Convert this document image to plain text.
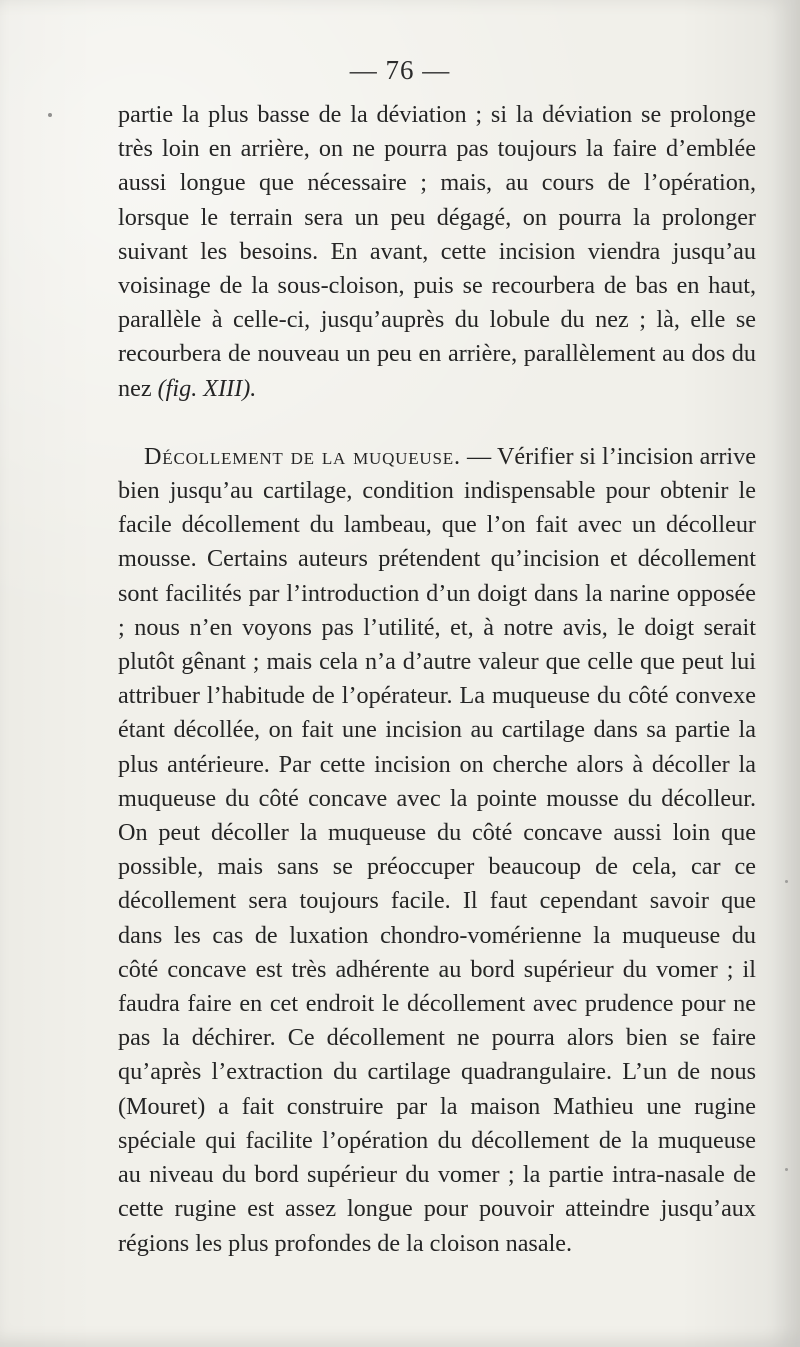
— 76 —

partie la plus basse de la déviation ; si la déviation se prolonge très loin en arrière, on ne pourra pas toujours la faire d’emblée aussi longue que nécessaire ; mais, au cours de l’opération, lorsque le terrain sera un peu dégagé, on pourra la prolonger suivant les besoins. En avant, cette incision viendra jusqu’au voisinage de la sous-cloison, puis se recourbera de bas en haut, parallèle à celle-ci, jusqu’auprès du lobule du nez ; là, elle se recourbera de nouveau un peu en arrière, parallèlement au dos du nez (fig. XIII).

Décollement de la muqueuse. — Vérifier si l’incision arrive bien jusqu’au cartilage, condition indispensable pour obtenir le facile décollement du lambeau, que l’on fait avec un décolleur mousse. Certains auteurs prétendent qu’incision et décollement sont facilités par l’introduction d’un doigt dans la narine opposée ; nous n’en voyons pas l’utilité, et, à notre avis, le doigt serait plutôt gênant ; mais cela n’a d’autre valeur que celle que peut lui attribuer l’habitude de l’opérateur. La muqueuse du côté convexe étant décollée, on fait une incision au cartilage dans sa partie la plus antérieure. Par cette incision on cherche alors à décoller la muqueuse du côté concave avec la pointe mousse du décolleur. On peut décoller la muqueuse du côté concave aussi loin que possible, mais sans se préoccuper beaucoup de cela, car ce décollement sera toujours facile. Il faut cependant savoir que dans les cas de luxation chondro-vomérienne la muqueuse du côté concave est très adhérente au bord supérieur du vomer ; il faudra faire en cet endroit le décollement avec prudence pour ne pas la déchirer. Ce décollement ne pourra alors bien se faire qu’après l’extraction du cartilage quadrangulaire. L’un de nous (Mouret) a fait construire par la maison Mathieu une rugine spéciale qui facilite l’opération du décollement de la muqueuse au niveau du bord supérieur du vomer ; la partie intra-nasale de cette rugine est assez longue pour pouvoir atteindre jusqu’aux régions les plus profondes de la cloison nasale.
